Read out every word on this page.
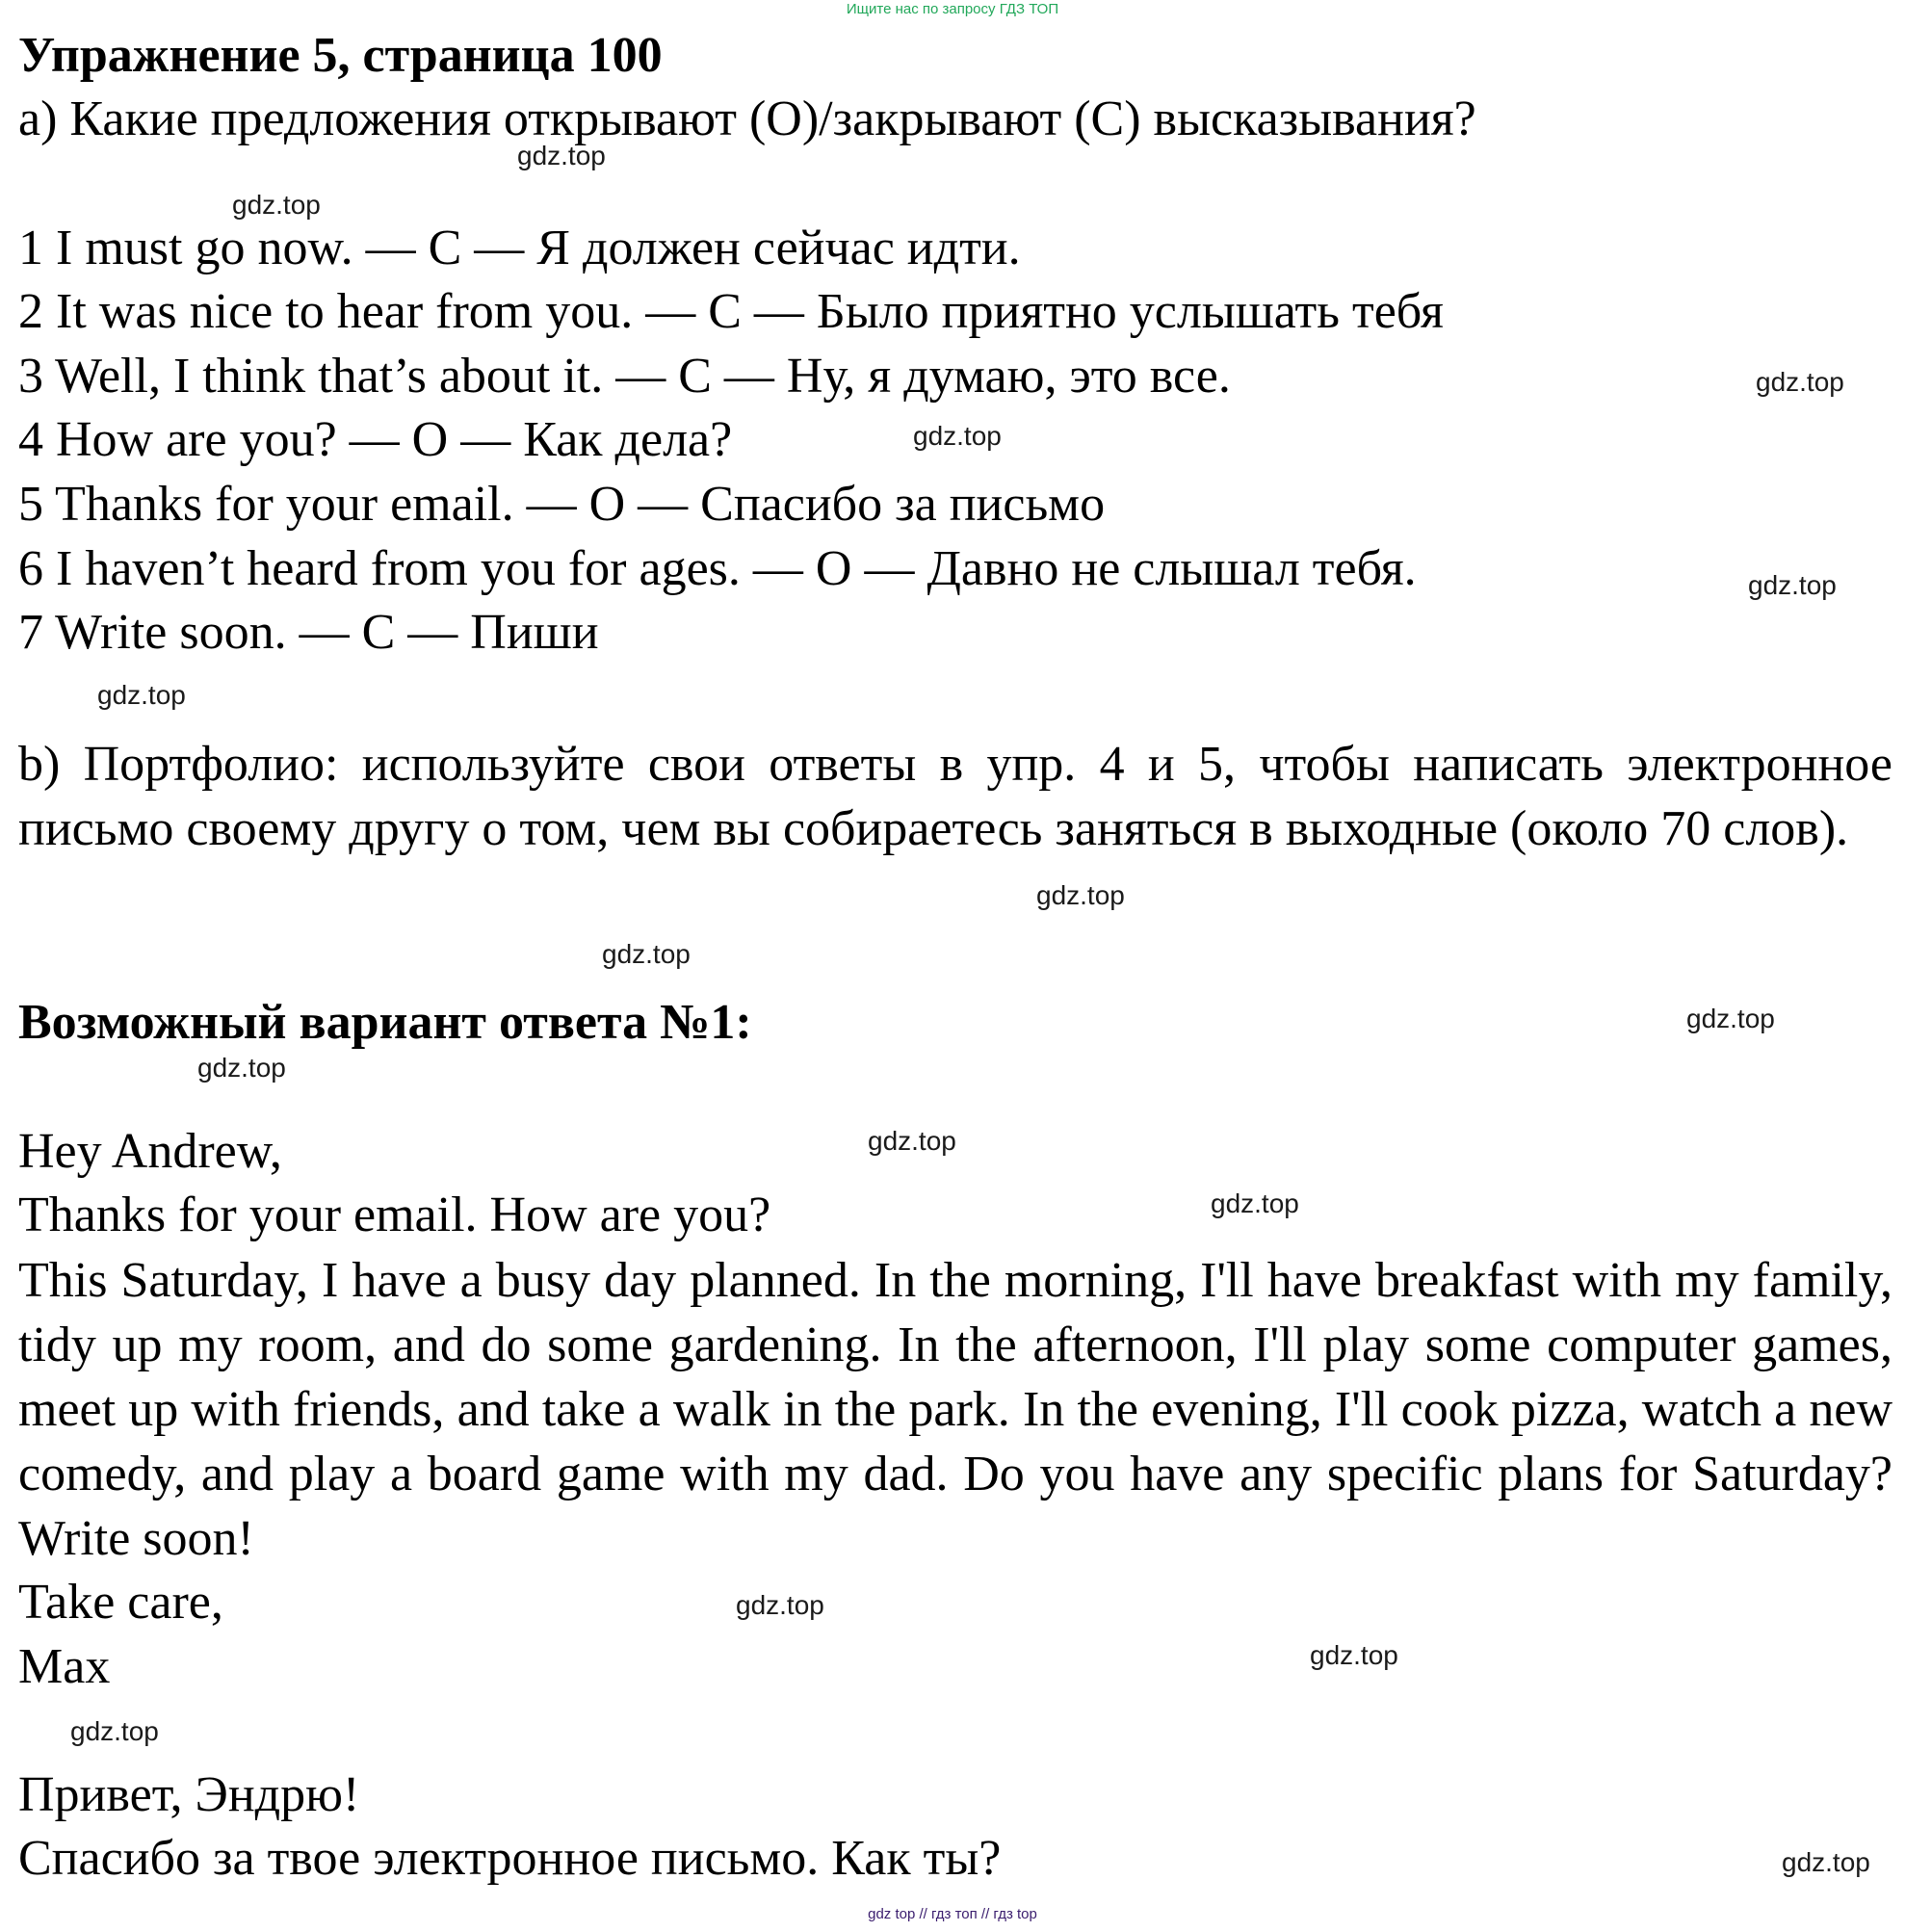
Ищите нас по запросу ГДЗ ТОП
Упражнение 5, страница 100
a) Какие предложения открывают (O)/закрывают (C) высказывания?
1 I must go now. — C — Я должен сейчас идти.
2 It was nice to hear from you. — C — Было приятно услышать тебя
3 Well, I think that’s about it. — C — Ну, я думаю, это все.
4 How are you? — O — Как дела?
5 Thanks for your email. — O — Спасибо за письмо
6 I haven’t heard from you for ages. — O — Давно не слышал тебя.
7 Write soon. — C — Пиши
b) Портфолио: используйте свои ответы в упр. 4 и 5, чтобы написать электронное письмо своему другу о том, чем вы собираетесь заняться в выходные (около 70 слов).
Возможный вариант ответа №1:
Hey Andrew,
Thanks for your email. How are you?
This Saturday, I have a busy day planned. In the morning, I'll have breakfast with my family, tidy up my room, and do some gardening. In the afternoon, I'll play some computer games, meet up with friends, and take a walk in the park. In the evening, I'll cook pizza, watch a new comedy, and play a board game with my dad. Do you have any specific plans for Saturday? Write soon!
Take care,
Max
Привет, Эндрю!
Спасибо за твое электронное письмо. Как ты?
gdz.top
gdz.top
gdz.top
gdz.top
gdz.top
gdz.top
gdz.top
gdz.top
gdz.top
gdz.top
gdz.top
gdz.top
gdz.top
gdz.top
gdz.top
gdz.top
gdz top // гдз топ // гдз top
